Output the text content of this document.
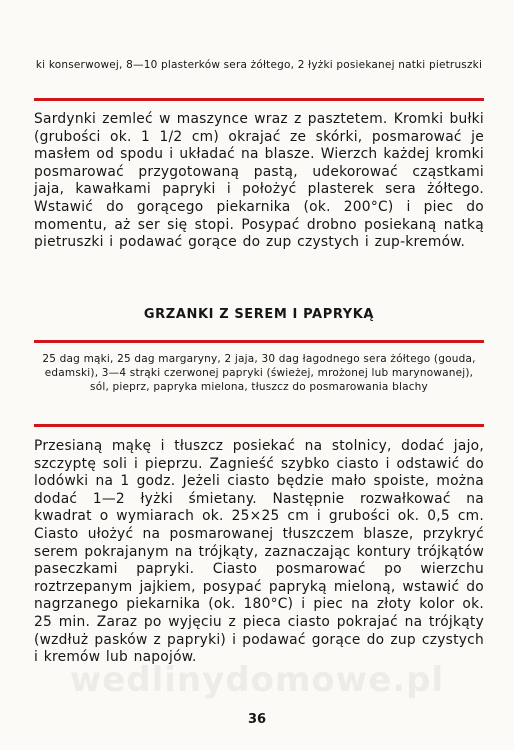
ki konserwowej, 8—10 plasterków sera żółtego, 2 łyżki posiekanej natki pietruszki
Sardynki zemleć w maszynce wraz z pasztetem. Kromki bułki (grubości ok. 1 1/2 cm) okrajać ze skórki, posmarować je masłem od spodu i układać na blasze. Wierzch każdej kromki posmarować przygotowaną pastą, udekorować cząstkami jaja, kawałkami papryki i położyć plasterek sera żółtego. Wstawić do gorącego piekarnika (ok. 200°C) i piec do momentu, aż ser się stopi. Posypać drobno posiekaną natką pietruszki i podawać gorące do zup czystych i zup-kremów.
GRZANKI Z SEREM I PAPRYKĄ
25 dag mąki, 25 dag margaryny, 2 jaja, 30 dag łagodnego sera żółtego (gouda, edamski), 3—4 strąki czerwonej papryki (świeżej, mrożonej lub marynowanej), sól, pieprz, papryka mielona, tłuszcz do posmarowania blachy
Przesianą mąkę i tłuszcz posiekać na stolnicy, dodać jajo, szczyptę soli i pieprzu. Zagnieść szybko ciasto i odstawić do lodówki na 1 godz. Jeżeli ciasto będzie mało spoiste, można dodać 1—2 łyżki śmietany. Następnie rozwałkować na kwadrat o wymiarach ok. 25×25 cm i grubości ok. 0,5 cm. Ciasto ułożyć na posmarowanej tłuszczem blasze, przykryć serem pokrajanym na trójkąty, zaznaczając kontury trójkątów paseczkami papryki. Ciasto posmarować po wierzchu roztrzepanym jajkiem, posypać papryką mieloną, wstawić do nagrzanego piekarnika (ok. 180°C) i piec na złoty kolor ok. 25 min. Zaraz po wyjęciu z pieca ciasto pokrajać na trójkąty (wzdłuż pasków z papryki) i podawać gorące do zup czystych i kremów lub napojów.
wedlinydomowe.pl
36
